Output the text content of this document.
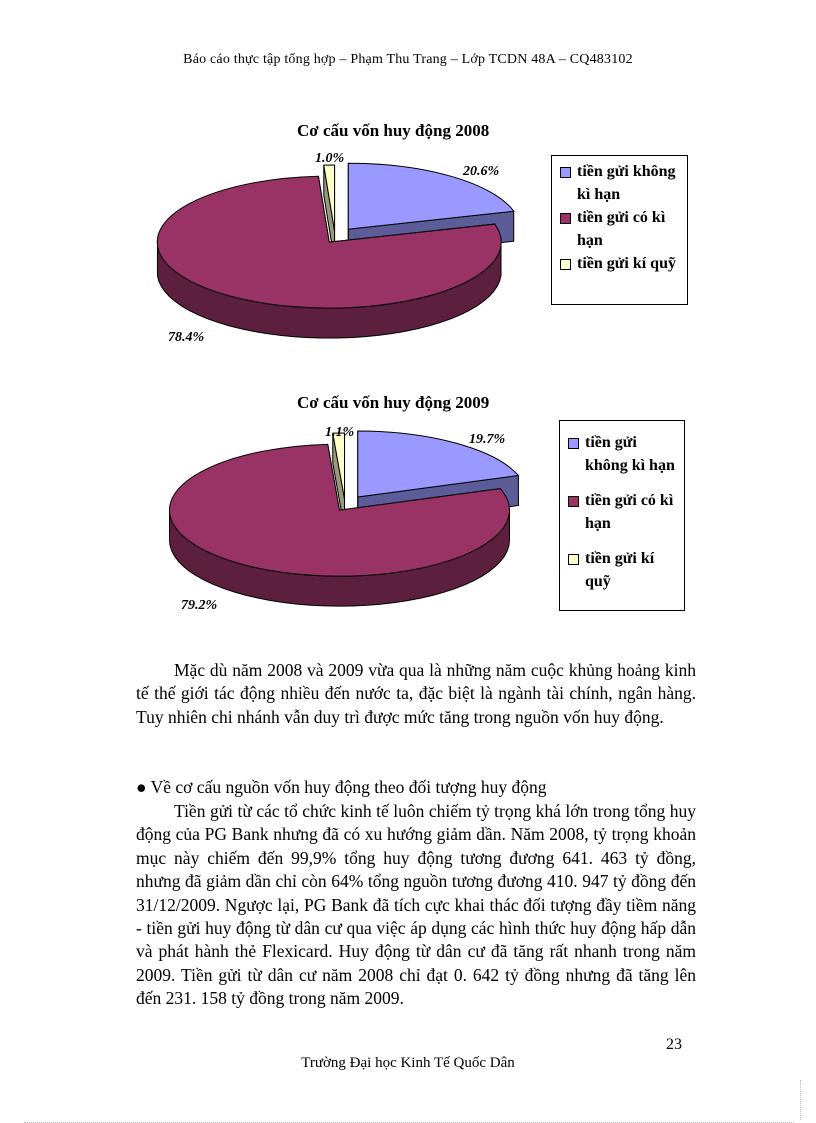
Báo cáo thực tập tổng hợp – Phạm Thu Trang – Lớp TCDN 48A – CQ483102
Cơ cấu vốn huy động 2008
20.6%
78.4%
1.0%
tiền gửi không
kì hạn
tiền gửi có kì
hạn
tiền gửi kí quỹ
Cơ cấu vốn huy động 2009
19.7%
79.2%
1.1%
tiền gửi
không kì hạn
tiền gửi có kì
hạn
tiền gửi kí
quỹ

Mặc dù năm 2008 và 2009 vừa qua là những năm cuộc khủng hoảng kinh tế thế giới tác động nhiều đến nước ta, đặc biệt là ngành tài chính, ngân hàng. Tuy nhiên chi nhánh vẫn duy trì được mức tăng trong nguồn vốn huy động.

● Về cơ cấu nguồn vốn huy động theo đối tượng huy động

Tiền gửi từ các tổ chức kinh tế luôn chiếm tỷ trọng khá lớn trong tổng huy động của PG Bank nhưng đã có xu hướng giảm dần. Năm 2008, tỷ trọng khoản mục này chiếm đến 99,9% tổng huy động tương đương 641. 463 tỷ đồng, nhưng đã giảm dần chỉ còn 64% tổng nguồn tương đương 410. 947 tỷ đồng đến 31/12/2009. Ngược lại, PG Bank đã tích cực khai thác đối tượng đầy tiềm năng - tiền gửi huy động từ dân cư qua việc áp dụng các hình thức huy động hấp dẫn và phát hành thẻ Flexicard. Huy động từ dân cư đã tăng rất nhanh trong năm 2009. Tiền gửi từ dân cư năm 2008 chỉ đạt 0. 642 tỷ đồng nhưng đã tăng lên đến 231. 158 tỷ đồng trong năm 2009.

23
Trường Đại học Kinh Tế Quốc Dân
